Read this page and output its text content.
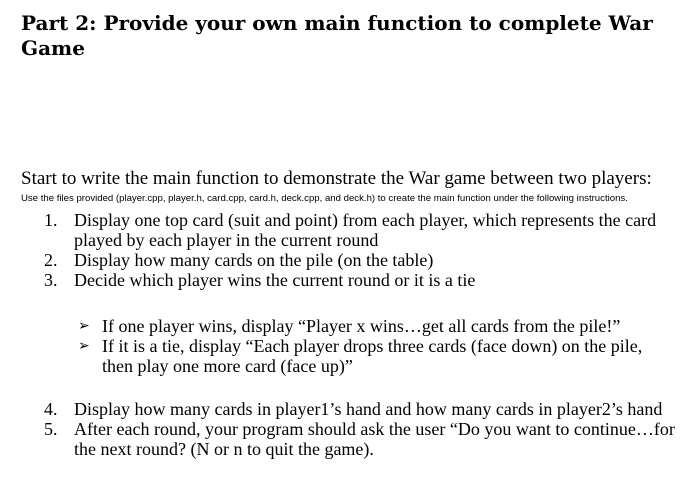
Part 2: Provide your own main function to complete War Game

Start to write the main function to demonstrate the War game between two players:

Use the files provided (player.cpp, player.h, card.cpp, card.h, deck.cpp, and deck.h) to create the main function under the following instructions.

1. Display one top card (suit and point) from each player, which represents the card played by each player in the current round
2. Display how many cards on the pile (on the table)
3. Decide which player wins the current round or it is a tie
➢ If one player wins, display “Player x wins…get all cards from the pile!”
➢ If it is a tie, display “Each player drops three cards (face down) on the pile, then play one more card (face up)”
4. Display how many cards in player1’s hand and how many cards in player2’s hand
5. After each round, your program should ask the user “Do you want to continue…for the next round? (N or n to quit the game).
